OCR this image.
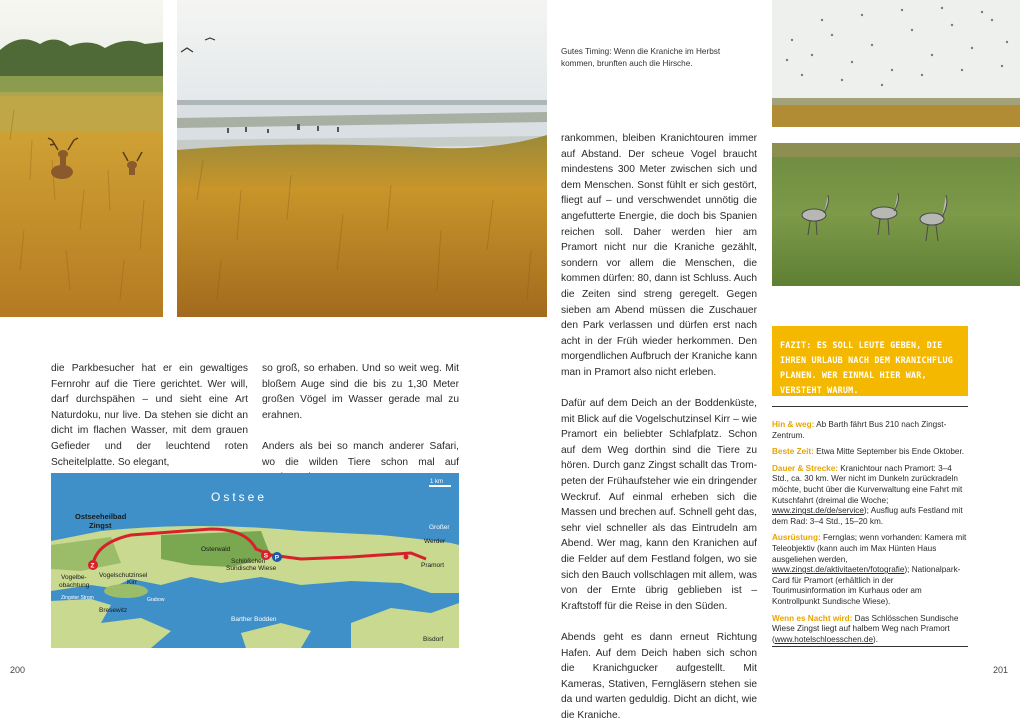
Gutes Timing: Wenn die Kraniche im Herbst kommen, brunften auch die Hirsche.

die Parkbesucher hat er ein gewaltiges Fernrohr auf die Tiere gerichtet. Wer will, darf durchspähen – und sieht eine Art Naturdoku, nur live. Da stehen sie dicht an dicht im flachen Wasser, mit dem grauen Gefieder und der leuchtend roten Scheitelplatte. So elegant,

so groß, so erhaben. Und so weit weg. Mit bloßem Auge sind die bis zu 1,30 Meter großen Vögel im Wasser gerade mal zu erahnen.

Anders als bei so manch anderer Safari, wo die wilden Tiere schon mal auf

Ostsee
1 km
Z
S P
Ostseeheilbad
Zingst
Osterwald
Schlößchen
Sundische Wiese
Vogelschutzinsel
Kirr
Vogelbe-
obachtung
Bresewitz
Barther Bodden
Bisdorf
Großer
Werder
Pramort
Zingster Strom	Grabow

rankommen, bleiben Kranichtouren immer auf Abstand. Der scheue Vogel braucht mindestens 300 Meter zwischen sich und dem Menschen. Sonst fühlt er sich gestört, fliegt auf – und verschwendet unnötig die angefutterte Energie, die doch bis Spanien reichen soll. Daher werden hier am Pramort nicht nur die Kraniche gezählt, sondern vor allem die Menschen, die kommen dürfen: 80, dann ist Schluss. Auch die Zeiten sind streng geregelt. Gegen sieben am Abend müssen die Zuschauer den Park verlassen und dürfen erst nach acht in der Früh wieder herkommen. Den morgendlichen Aufbruch der Kraniche kann man in Pramort also nicht erleben.

Dafür auf dem Deich an der Boddenküste, mit Blick auf die Vogelschutzinsel Kirr – wie Pramort ein beliebter Schlafplatz. Schon auf dem Weg dorthin sind die Tiere zu hören. Durch ganz Zingst schallt das Trompeten der Frühaufsteher wie ein dringender Weckruf. Auf einmal erheben sich die Massen und brechen auf. Schnell geht das, sehr viel schneller als das Eintrudeln am Abend. Wer mag, kann den Kranichen auf die Felder auf dem Festland folgen, wo sie sich den Bauch vollschlagen mit allem, was von der Ernte übrig geblieben ist – Kraftstoff für die Reise in den Süden.

Abends geht es dann erneut Richtung Hafen. Auf dem Deich haben sich schon die Kranichgucker aufgestellt. Mit Kameras, Stativen, Ferngläsern stehen sie da und warten geduldig. Dicht an dicht, wie die Kraniche.

FAZIT: ES SOLL LEUTE GEBEN, DIE IHREN URLAUB NACH DEM KRANICHFLUG PLANEN. WER EINMAL HIER WAR, VERSTEHT WARUM.

Hin & weg: Ab Barth fährt Bus 210 nach Zingst-Zentrum.

Beste Zeit: Etwa Mitte September bis Ende Oktober.

Dauer & Strecke: Kranichtour nach Pramort: 3–4 Std., ca. 30 km. Wer nicht im Dunkeln zurückradeln möchte, bucht über die Kurverwaltung eine Fahrt mit Kutschfahrt (dreimal die Woche; www.zingst.de/de/service); Ausflug aufs Festland mit dem Rad: 3–4 Std., 15–20 km.

Ausrüstung: Fernglas; wenn vorhanden: Kamera mit Teleobjektiv (kann auch im Max Hünten Haus ausgeliehen werden, www.zingst.de/aktivitaeten/fotografie); Nationalpark-Card für Pramort (erhältlich in der Tourimusinformation im Kurhaus oder am Kontrollpunkt Sundische Wiese).

Wenn es Nacht wird: Das Schlösschen Sundische Wiese Zingst liegt auf halbem Weg nach Pramort (www.hotelschloesschen.de).

200	201
